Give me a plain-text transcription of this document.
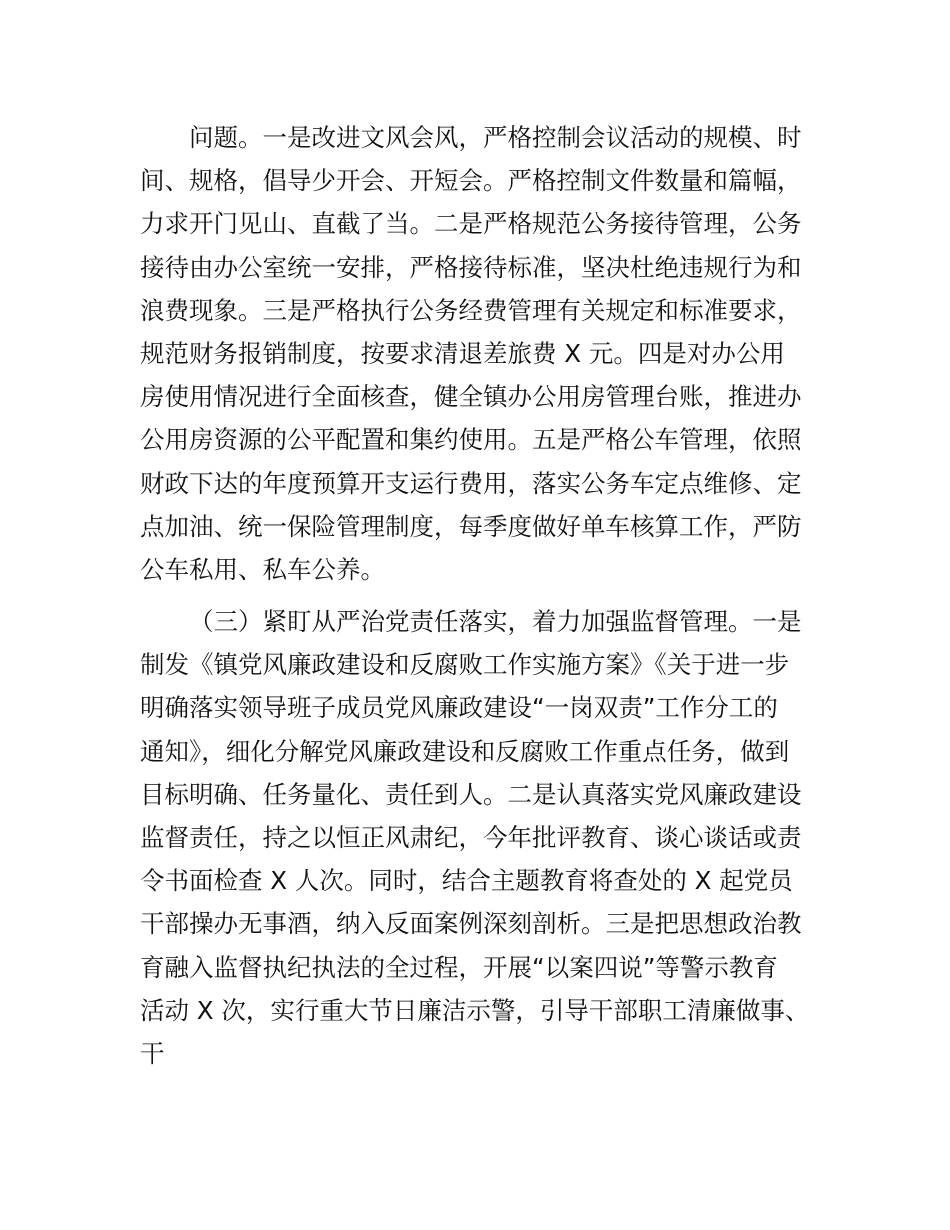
问题。一是改进文风会风，严格控制会议活动的规模、时
间、规格，倡导少开会、开短会。严格控制文件数量和篇幅，
力求开门见山、直截了当。二是严格规范公务接待管理，公务
接待由办公室统一安排，严格接待标准，坚决杜绝违规行为和
浪费现象。三是严格执行公务经费管理有关规定和标准要求，
规范财务报销制度，按要求清退差旅费 X 元。四是对办公用
房使用情况进行全面核查，健全镇办公用房管理台账，推进办
公用房资源的公平配置和集约使用。五是严格公车管理，依照
财政下达的年度预算开支运行费用，落实公务车定点维修、定
点加油、统一保险管理制度，每季度做好单车核算工作，严防
公车私用、私车公养。
（三）紧盯从严治党责任落实，着力加强监督管理。一是
制发《镇党风廉政建设和反腐败工作实施方案》《关于进一步
明确落实领导班子成员党风廉政建设“一岗双责”工作分工的
通知》，细化分解党风廉政建设和反腐败工作重点任务，做到
目标明确、任务量化、责任到人。二是认真落实党风廉政建设
监督责任，持之以恒正风肃纪，今年批评教育、谈心谈话或责
令书面检查 X 人次。同时，结合主题教育将查处的 X 起党员
干部操办无事酒，纳入反面案例深刻剖析。三是把思想政治教
育融入监督执纪执法的全过程，开展“以案四说”等警示教育
活动 X 次，实行重大节日廉洁示警，引导干部职工清廉做事、
干
